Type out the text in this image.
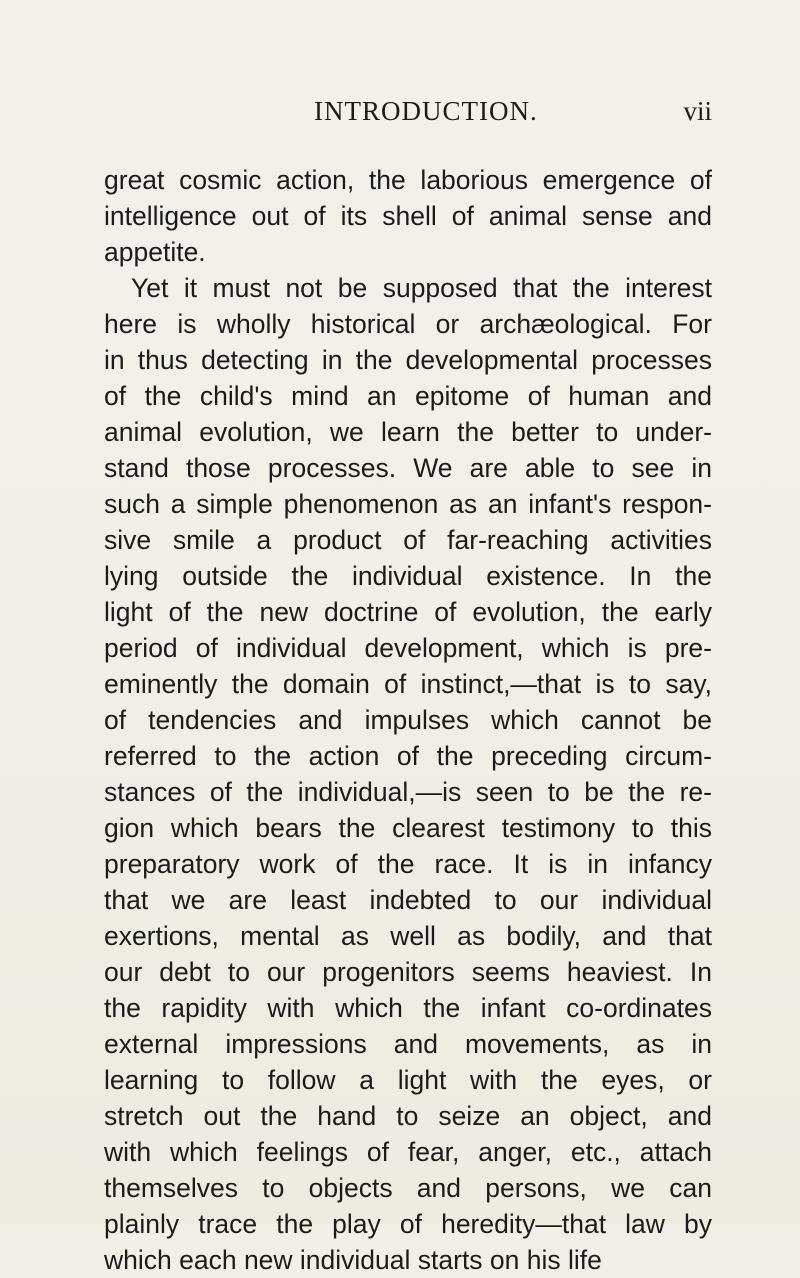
INTRODUCTION.	vii
great cosmic action, the laborious emergence of
intelligence out of its shell of animal sense and
appetite.
Yet it must not be supposed that the interest
here is wholly historical or archæological. For
in thus detecting in the developmental processes
of the child's mind an epitome of human and
animal evolution, we learn the better to under-
stand those processes. We are able to see in
such a simple phenomenon as an infant's respon-
sive smile a product of far-reaching activities
lying outside the individual existence. In the
light of the new doctrine of evolution, the early
period of individual development, which is pre-
eminently the domain of instinct,—that is to say,
of tendencies and impulses which cannot be
referred to the action of the preceding circum-
stances of the individual,—is seen to be the re-
gion which bears the clearest testimony to this
preparatory work of the race. It is in infancy
that we are least indebted to our individual
exertions, mental as well as bodily, and that
our debt to our progenitors seems heaviest. In
the rapidity with which the infant co-ordinates
external impressions and movements, as in
learning to follow a light with the eyes, or
stretch out the hand to seize an object, and
with which feelings of fear, anger, etc., attach
themselves to objects and persons, we can
plainly trace the play of heredity—that law by
which each new individual starts on his life
